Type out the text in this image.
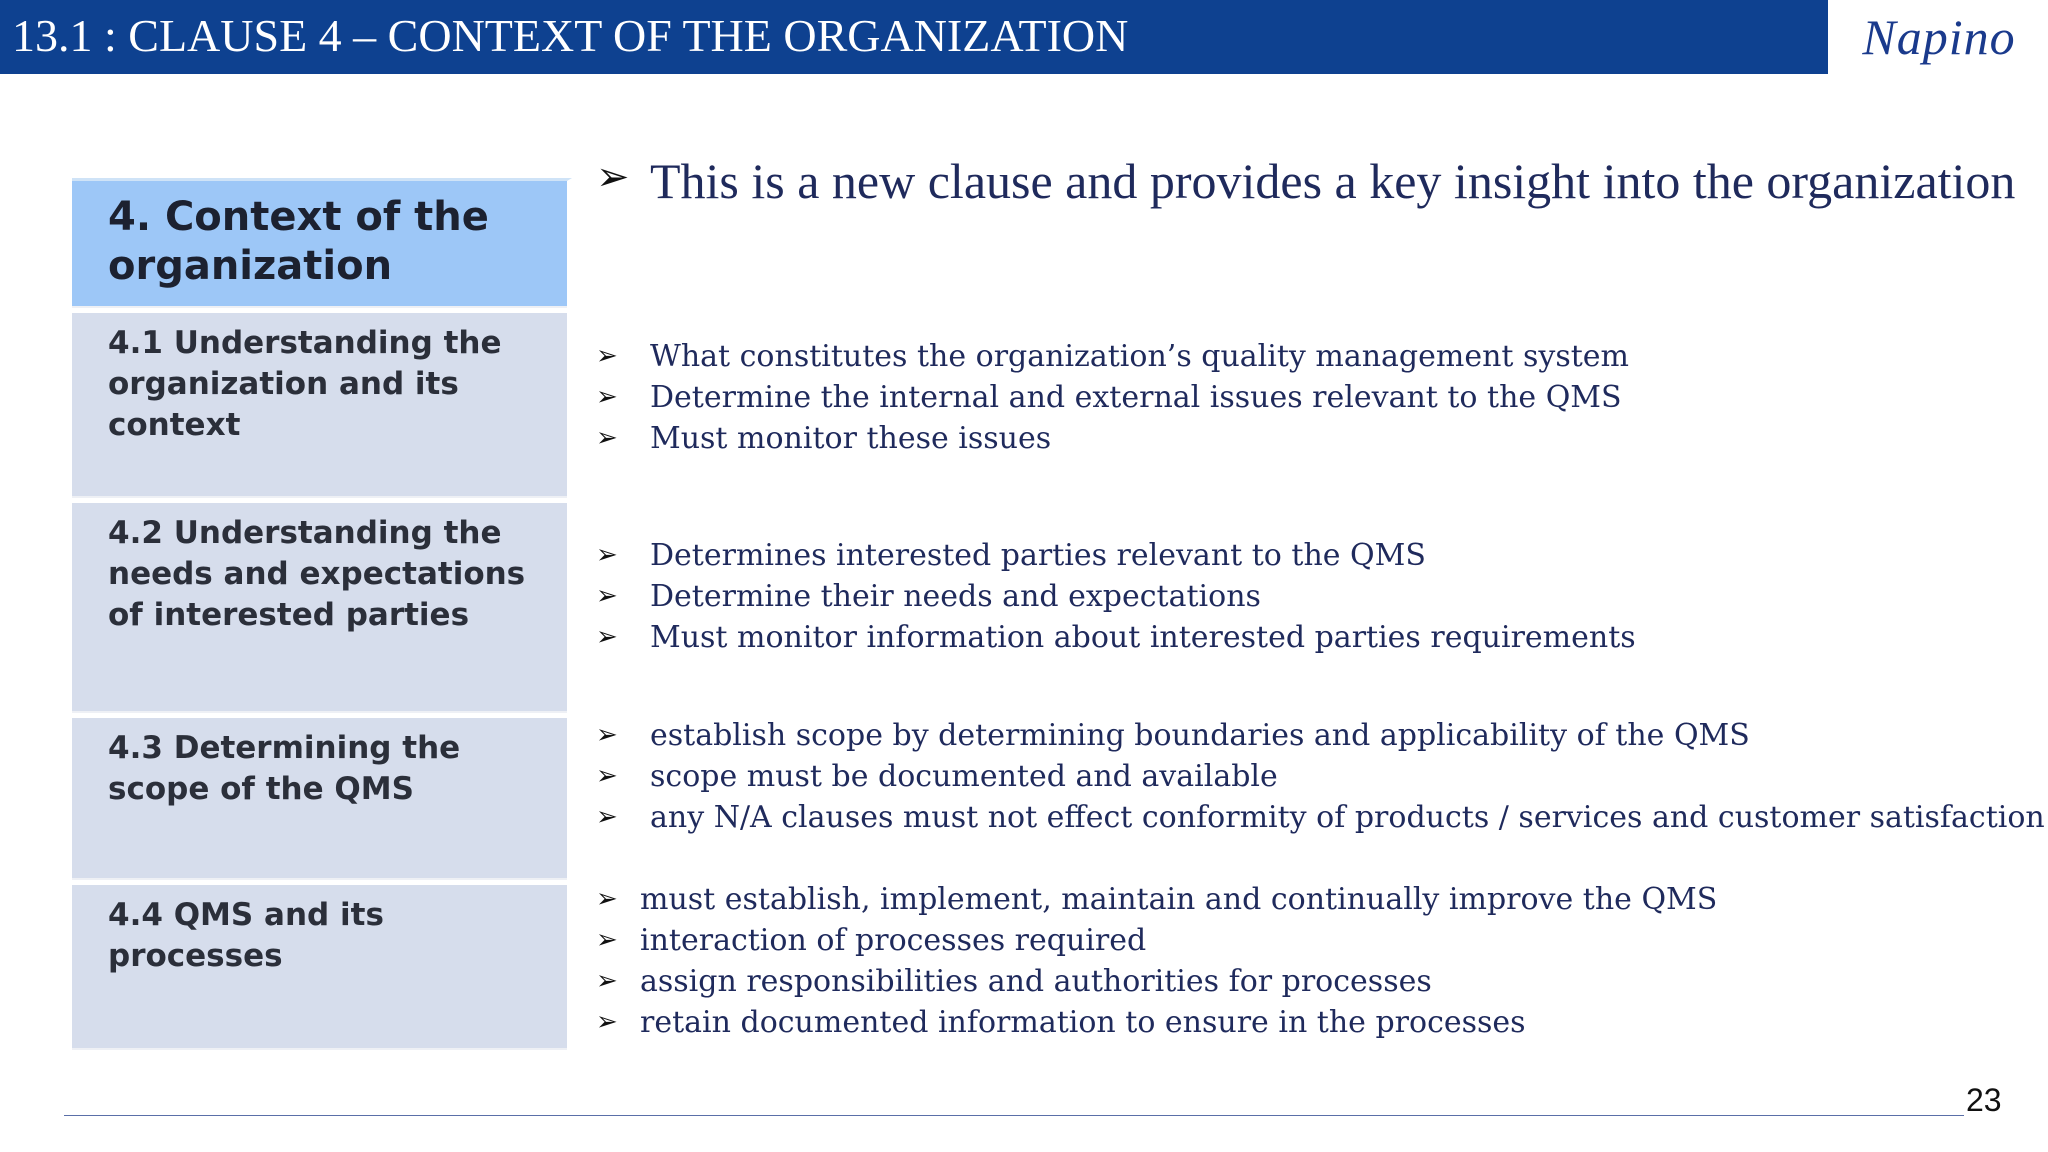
13.1 : CLAUSE 4 – CONTEXT OF THE ORGANIZATION	Napino
4. Context of the organization
4.1 Understanding the organization and its context
4.2 Understanding the needs and expectations of interested parties
4.3 Determining the scope of the QMS
4.4 QMS and its processes
➢ This is a new clause and provides a key insight into the organization

➢ What constitutes the organization’s quality management system
➢ Determine the internal and external issues relevant to the QMS
➢ Must monitor these issues
➢ Determines interested parties relevant to the QMS
➢ Determine their needs and expectations
➢ Must monitor information about interested parties requirements
➢ establish scope by determining boundaries and applicability of the QMS
➢ scope must be documented and available
➢ any N/A clauses must not effect conformity of products / services and customer satisfaction
➢ must establish, implement, maintain and continually improve the QMS
➢ interaction of processes required
➢ assign responsibilities and authorities for processes
➢ retain documented information to ensure in the processes
23
